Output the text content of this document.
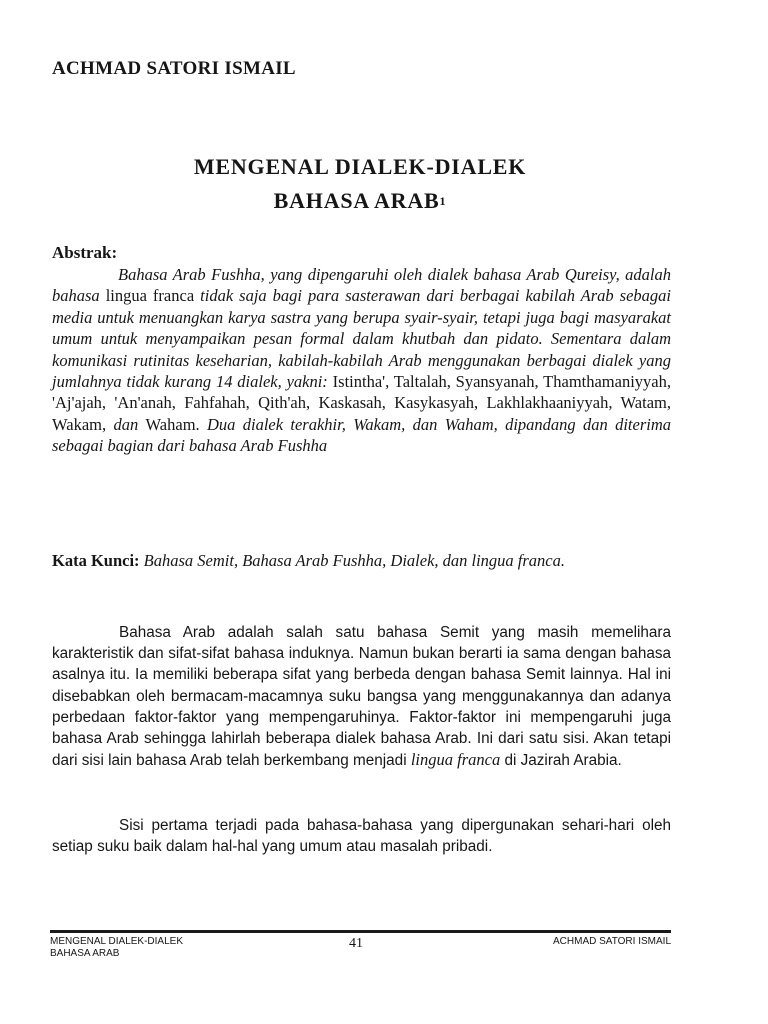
ACHMAD SATORI ISMAIL
MENGENAL DIALEK-DIALEK
BAHASA ARAB$^1$
Abstrak:

Bahasa Arab Fushha, yang dipengaruhi oleh dialek bahasa Arab Qureisy, adalah bahasa lingua franca tidak saja bagi para sasterawan dari berbagai kabilah Arab sebagai media untuk menuangkan karya sastra yang berupa syair-syair, tetapi juga bagi masyarakat umum untuk menyampaikan pesan formal dalam khutbah dan pidato. Sementara dalam komunikasi rutinitas keseharian, kabilah-kabilah Arab menggunakan berbagai dialek yang jumlahnya tidak kurang 14 dialek, yakni: Istintha', Taltalah, Syansyanah, Thamthamaniyyah, 'Aj'ajah, 'An'anah, Fahfahah, Qith'ah, Kaskasah, Kasykasyah, Lakhlakhaaniyyah, Watam, Wakam, dan Waham. Dua dialek terakhir, Wakam, dan Waham, dipandang dan diterima sebagai bagian dari bahasa Arab Fushha

Kata Kunci: Bahasa Semit, Bahasa Arab Fushha, Dialek, dan lingua franca.

Bahasa Arab adalah salah satu bahasa Semit yang masih memelihara karakteristik dan sifat-sifat bahasa induknya. Namun bukan berarti ia sama dengan bahasa asalnya itu. Ia memiliki beberapa sifat yang berbeda dengan bahasa Semit lainnya. Hal ini disebabkan oleh bermacam-macamnya suku bangsa yang menggunakannya dan adanya perbedaan faktor-faktor yang mempengaruhinya. Faktor-faktor ini mempengaruhi juga bahasa Arab sehingga lahirlah beberapa dialek bahasa Arab. Ini dari satu sisi. Akan tetapi dari sisi lain bahasa Arab telah berkembang menjadi lingua franca di Jazirah Arabia.

Sisi pertama terjadi pada bahasa-bahasa yang dipergunakan sehari-hari oleh setiap suku baik dalam hal-hal yang umum atau masalah pribadi.

MENGENAL DIALEK-DIALEK
BAHASA ARAB

41	ACHMAD SATORI ISMAIL
